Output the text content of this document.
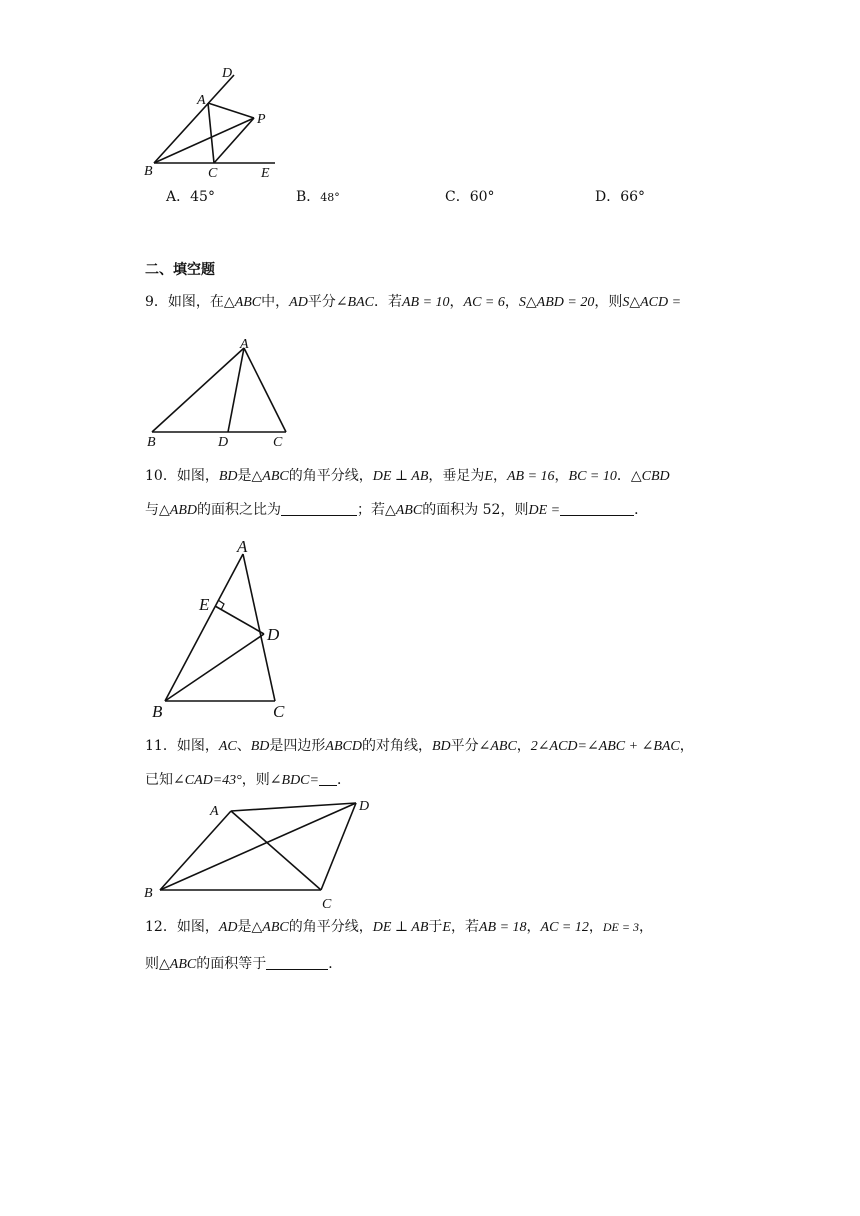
D
A
P
B	C	E
A．45°	B．48°	C．60°	D．66°
二、填空题
9．如图，在△ABC中，AD平分∠BAC．若AB = 10，AC = 6，S△ABD = 20，则S△ACD =
A
B	D	C
10．如图，BD是△ABC的角平分线，DE ⊥ AB，垂足为E，AB = 16，BC = 10．△CBD
与△ABD的面积之比为	；若△ABC的面积为 52，则DE =	．
A
E
D
B	C
11．如图，AC、BD是四边形ABCD的对角线，BD平分∠ABC，2∠ACD=∠ABC + ∠BAC，
已知∠CAD=43°，则∠BDC= ．
A	D
B
C
12．如图，AD是△ABC的角平分线，DE ⊥ AB于E，若AB = 18，AC = 12，DE = 3，
则△ABC的面积等于	．
